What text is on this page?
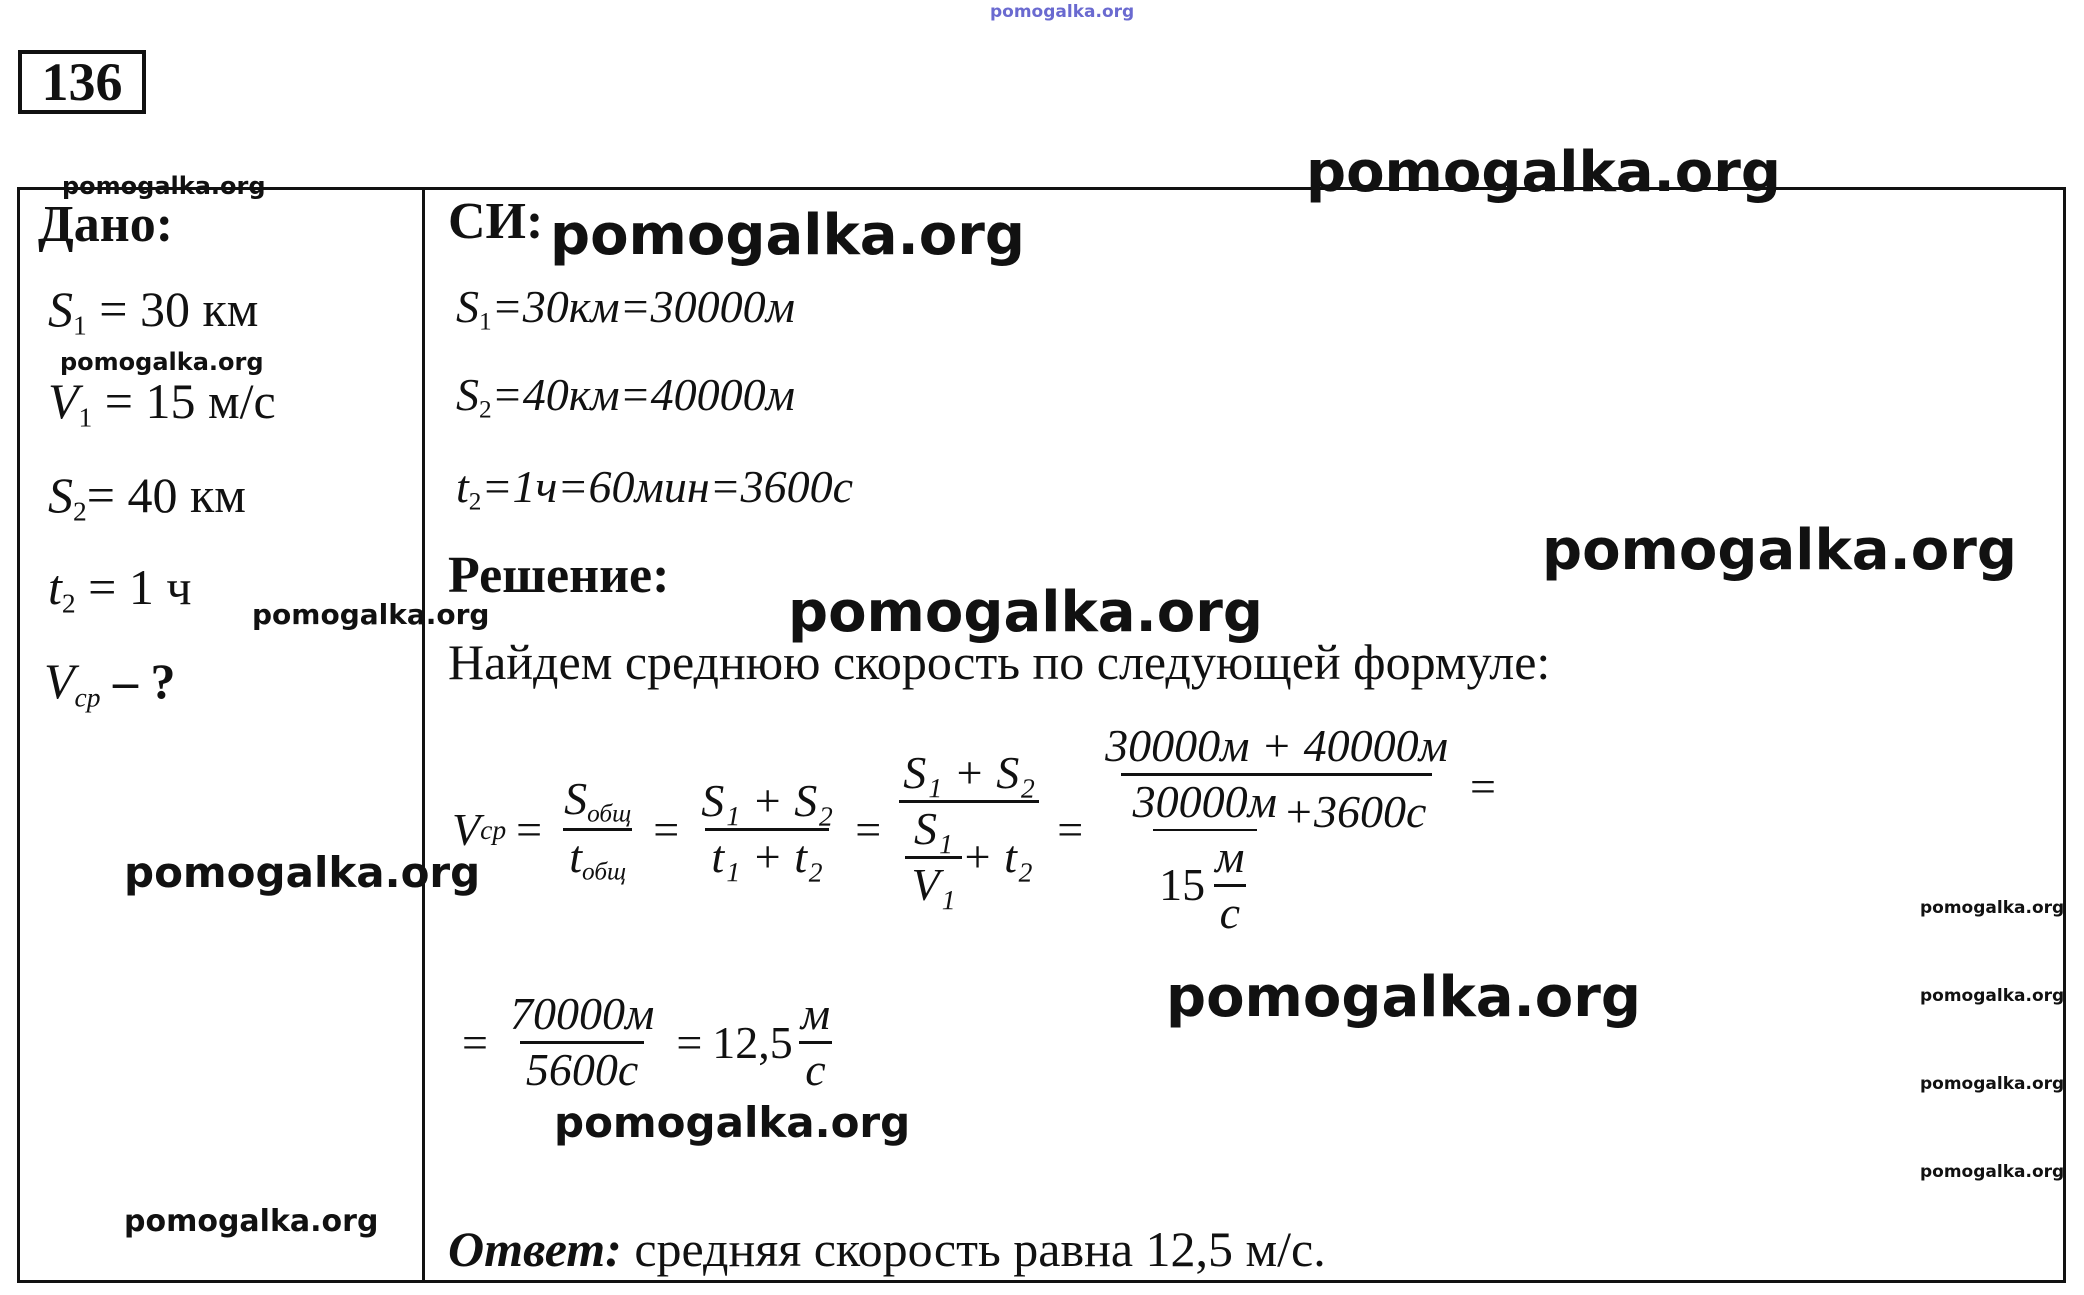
pomogalka.org
136
Дано:
$S_1 = 30$ км
$V_1 = 15$ м/с
$S_2= 40$ км
$t_2 = 1$ ч
$V_{ср}$ – ?
СИ:
$S_1=30км=30000м$
$S_2=40км=40000м$
$t_2=1ч=60мин=3600с$
Решение:
Найдем среднюю скорость по следующей формуле:
V ср = $\frac{S_{общ}}{t_{общ}} = \frac{\text{S₁ + S₂}}{\text{t₁ + t₂}} = \frac{\text{S₁ + S₂}}{\frac{\text{S₁}}{\text{V₁}} + t_2}$ =
30000м + 40000м
$\frac{30000м}{15 \frac{м}{с}} +3600с$ =
= $\frac{70000м}{5600с} = 12,5 \frac{м}{с}$
Ответ: средняя скорость равна 12,5 м/с.
pomogalka.org
pomogalka.org
pomogalka.org
pomogalka.org
pomogalka.org
pomogalka.org	pomogalka.org
pomogalka.org
pomogalka.org
pomogalka.org	pomogalka.org
pomogalka.org
pomogalka.org
pomogalka.org
pomogalka.org
